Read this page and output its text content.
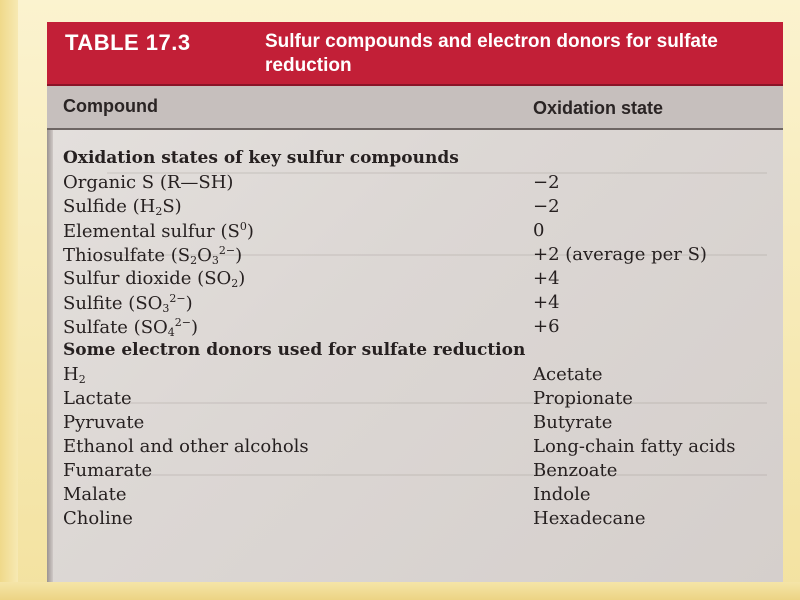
TABLE 17.3	Sulfur compounds and electron donors for sulfate reduction
Compound	Oxidation state
Oxidation states of key sulfur compounds
Organic S (R—SH)	−2
Sulfide $(H_2S)$	−2
Elemental sulfur $(S^0)$	0
Thiosulfate $(S_2O_3^{2-})$	+2 (average per S)
Sulfur dioxide $(SO_2)$	+4
Sulfite $(SO_3^{2-})$	+4
Sulfate $(SO_4^{2-})$	+6
Some electron donors used for sulfate reduction
$H_2$	Acetate
Lactate	Propionate
Pyruvate	Butyrate
Ethanol and other alcohols	Long-chain fatty acids
Fumarate	Benzoate
Malate	Indole
Choline	Hexadecane
